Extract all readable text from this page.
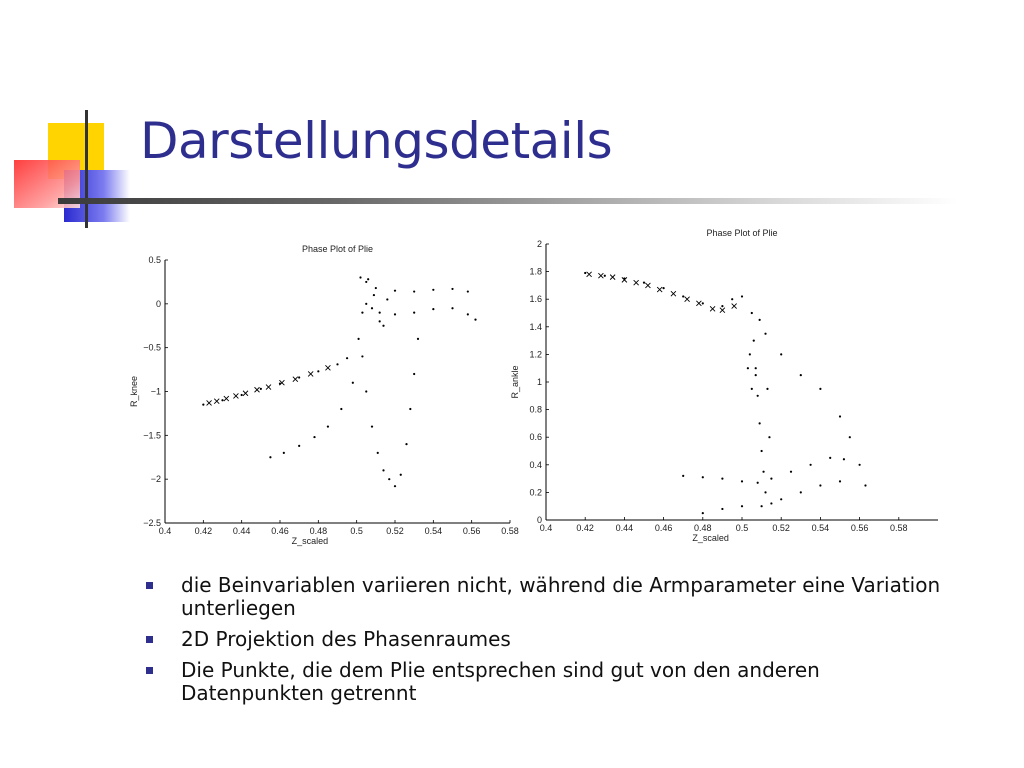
Darstellungsdetails
Phase Plot of Plie
0.4	0.42 0.44 0.46 0.48	0.5	0.52 0.54 0.56 0.58
0.5
0
−0.5
−1
−1.5
−2
−2.5
Z_scaled
R_knee
Phase Plot of Plie
0.4	0.42 0.44 0.46 0.48	0.5	0.52 0.54 0.56 0.58
2
1.8
1.6
1.4
1.2
1
0.8
0.6
0.4
0.2
0
Z_scaled
R_ankle
die Beinvariablen variieren nicht, während die Armparameter eine Variation unterliegen
2D Projektion des Phasenraumes
Die Punkte, die dem Plie entsprechen sind gut von den anderen Datenpunkten getrennt
